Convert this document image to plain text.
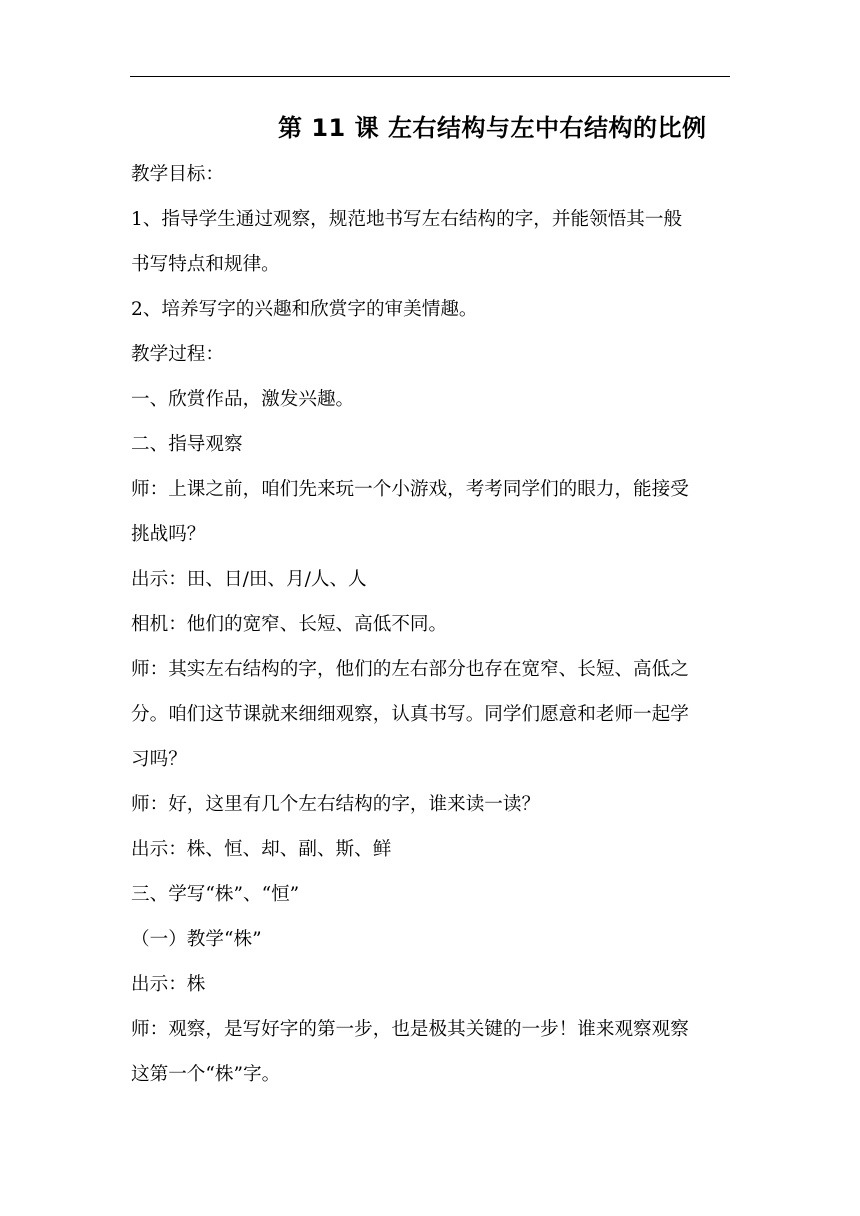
第 11 课 左右结构与左中右结构的比例

教学目标：

1、指导学生通过观察，规范地书写左右结构的字，并能领悟其一般

书写特点和规律。

2、培养写字的兴趣和欣赏字的审美情趣。

教学过程：

一、欣赏作品，激发兴趣。

二、指导观察

师：上课之前，咱们先来玩一个小游戏，考考同学们的眼力，能接受

挑战吗？

出示：田、日/田、月/人、人

相机：他们的宽窄、长短、高低不同。

师：其实左右结构的字，他们的左右部分也存在宽窄、长短、高低之

分。咱们这节课就来细细观察，认真书写。同学们愿意和老师一起学

习吗？

师：好，这里有几个左右结构的字，谁来读一读？

出示：株、恒、却、副、斯、鲜

三、学写“株”、“恒”

（一）教学“株”

出示：株

师：观察，是写好字的第一步，也是极其关键的一步！谁来观察观察

这第一个“株”字。
